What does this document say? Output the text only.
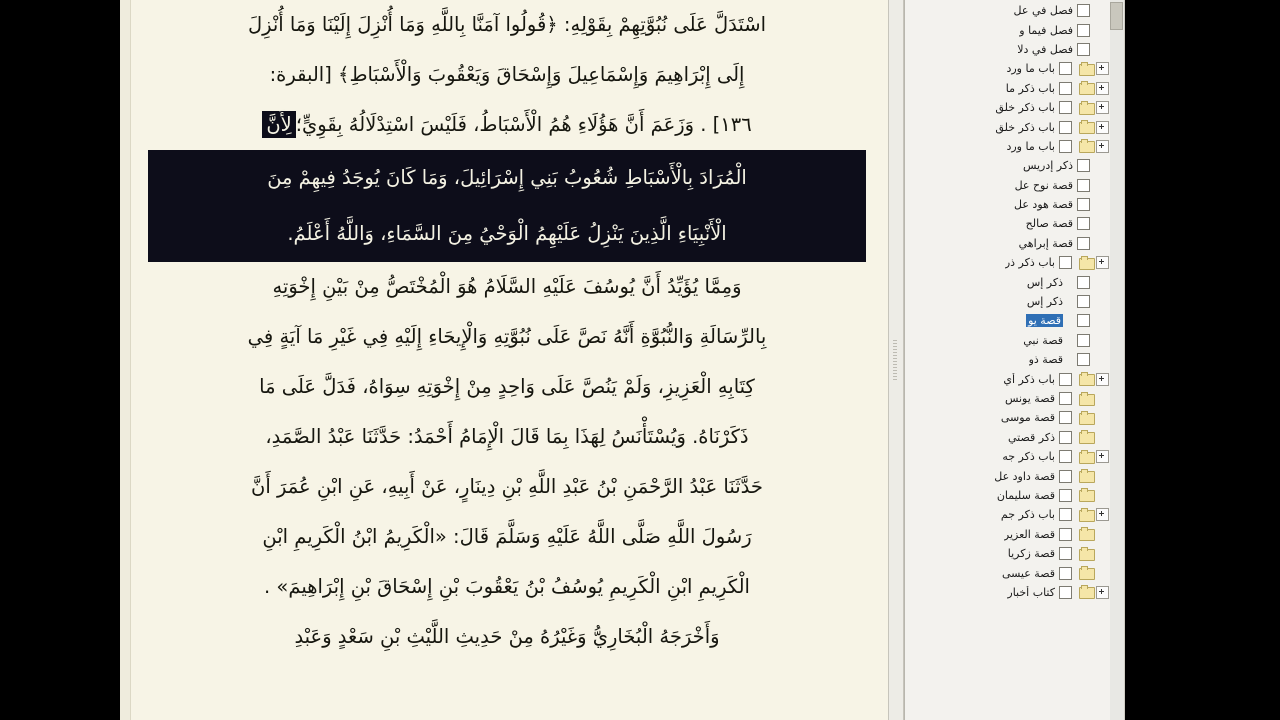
فصل في عل
فصل فيما و
فصل في دلا
باب ما ورد
باب ذكر ما
باب ذكر خلق
باب ذكر خلق
باب ما ورد
ذكر إدريس
قصة نوح عل
قصة هود عل
قصة صالح
قصة إبراهي
باب ذكر ذر
ذكر إس
ذكر إس
قصة يو
قصة نبي
قصة ذو
باب ذكر أي
قصة يونس
قصة موسى
ذكر قصتي
باب ذكر جه
قصة داود عل
قصة سليمان
باب ذكر جم
قصة العزير
قصة زكريا
قصة عيسى
كتاب أخبار
اسْتَدَلَّ عَلَى نُبُوَّتِهِمْ بِقَوْلِهِ: ﴿قُولُوا آمَنَّا بِاللَّهِ وَمَا أُنْزِلَ إِلَيْنَا وَمَا أُنْزِلَ
إِلَى إِبْرَاهِيمَ وَإِسْمَاعِيلَ وَإِسْحَاقَ وَيَعْقُوبَ وَالْأَسْبَاطِ﴾ [البقرة:
١٣٦] . وَزَعَمَ أَنَّ هَؤُلَاءِ هُمُ الْأَسْبَاطُ، فَلَيْسَ اسْتِدْلَالُهُ بِقَوِيٍّ؛لِأَنَّ
الْمُرَادَ بِالْأَسْبَاطِ شُعُوبُ بَنِي إِسْرَائِيلَ، وَمَا كَانَ يُوجَدُ فِيهِمْ مِنَ
الْأَنْبِيَاءِ الَّذِينَ يَنْزِلُ عَلَيْهِمُ الْوَحْيُ مِنَ السَّمَاءِ، وَاللَّهُ أَعْلَمُ.
وَمِمَّا يُؤَيِّدُ أَنَّ يُوسُفَ عَلَيْهِ السَّلَامُ هُوَ الْمُخْتَصُّ مِنْ بَيْنِ إِخْوَتِهِ
بِالرِّسَالَةِ وَالنُّبُوَّةِ أَنَّهُ نَصَّ عَلَى نُبُوَّتِهِ وَالْإِيحَاءِ إِلَيْهِ فِي غَيْرِ مَا آيَةٍ فِي
كِتَابِهِ الْعَزِيزِ، وَلَمْ يَنُصَّ عَلَى وَاحِدٍ مِنْ إِخْوَتِهِ سِوَاهُ، فَدَلَّ عَلَى مَا
ذَكَرْنَاهُ. وَيُسْتَأْنَسُ لِهَذَا بِمَا قَالَ الْإِمَامُ أَحْمَدُ: حَدَّثَنَا عَبْدُ الصَّمَدِ،
حَدَّثَنَا عَبْدُ الرَّحْمَنِ بْنُ عَبْدِ اللَّهِ بْنِ دِينَارٍ، عَنْ أَبِيهِ، عَنِ ابْنِ عُمَرَ أَنَّ
رَسُولَ اللَّهِ صَلَّى اللَّهُ عَلَيْهِ وَسَلَّمَ قَالَ: «الْكَرِيمُ ابْنُ الْكَرِيمِ ابْنِ
الْكَرِيمِ ابْنِ الْكَرِيمِ يُوسُفُ بْنُ يَعْقُوبَ بْنِ إِسْحَاقَ بْنِ إِبْرَاهِيمَ» .
وَأَخْرَجَهُ الْبُخَارِيُّ وَغَيْرُهُ مِنْ حَدِيثِ اللَّيْثِ بْنِ سَعْدٍ وَعَبْدِ
